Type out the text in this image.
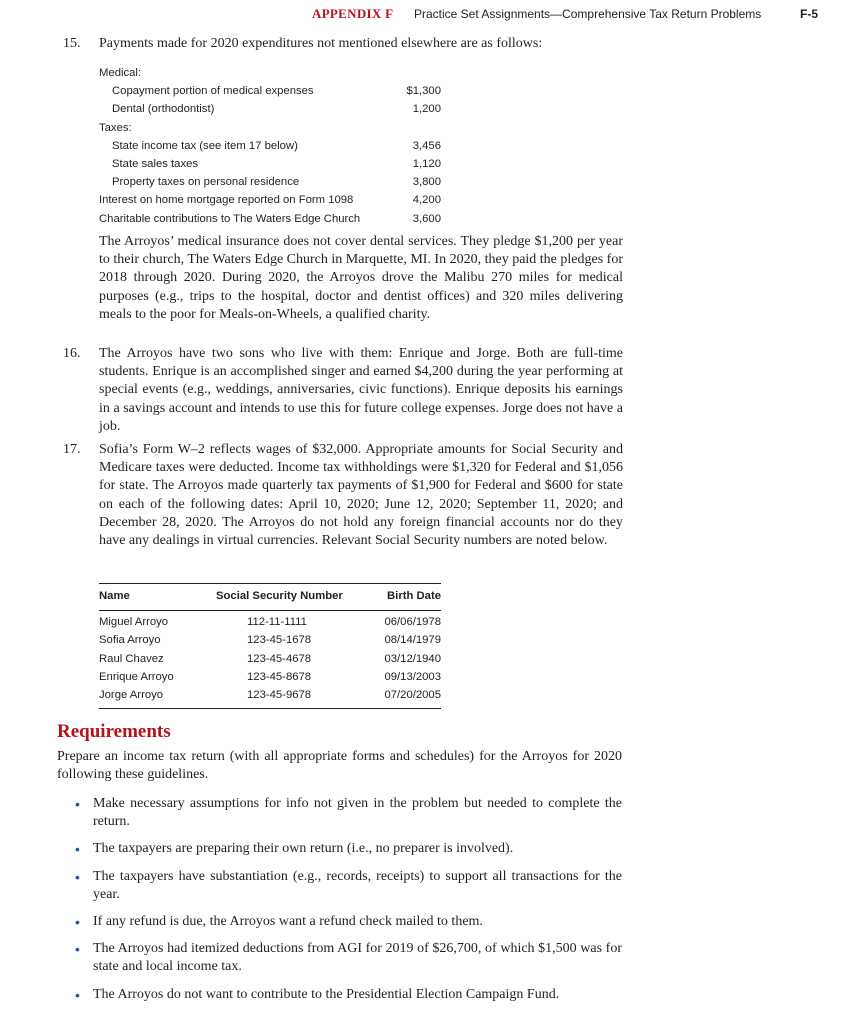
APPENDIX F Practice Set Assignments—Comprehensive Tax Return Problems	F-5
15. Payments made for 2020 expenditures not mentioned elsewhere are as follows:
Medical:
Copayment portion of medical expenses	$1,300
Dental (orthodontist)	1,200
Taxes:
State income tax (see item 17 below)	3,456
State sales taxes	1,120
Property taxes on personal residence	3,800
Interest on home mortgage reported on Form 1098	4,200
Charitable contributions to The Waters Edge Church	3,600
The Arroyos’ medical insurance does not cover dental services. They pledge $1,200 per year to their church, The Waters Edge Church in Marquette, MI. In 2020, they paid the pledges for 2018 through 2020. During 2020, the Arroyos drove the Malibu 270 miles for medical purposes (e.g., trips to the hospital, doctor and dentist offices) and 320 miles delivering meals to the poor for Meals-on-Wheels, a qualified charity.
16. The Arroyos have two sons who live with them: Enrique and Jorge. Both are full-time students. Enrique is an accomplished singer and earned $4,200 during the year performing at special events (e.g., weddings, anniversaries, civic functions). Enrique deposits his earnings in a savings account and intends to use this for future college expenses. Jorge does not have a job.
17. Sofia’s Form W–2 reflects wages of $32,000. Appropriate amounts for Social Security and Medicare taxes were deducted. Income tax withholdings were $1,320 for Federal and $1,056 for state. The Arroyos made quarterly tax payments of $1,900 for Federal and $600 for state on each of the following dates: April 10, 2020; June 12, 2020; September 11, 2020; and December 28, 2020. The Arroyos do not hold any foreign financial accounts nor do they have any dealings in virtual currencies. Relevant Social Security numbers are noted below.
Name	Social Security Number	Birth Date
Miguel Arroyo	112-11-1111	06/06/1978
Sofia Arroyo	123-45-1678	08/14/1979
Raul Chavez	123-45-4678	03/12/1940
Enrique Arroyo	123-45-8678	09/13/2003
Jorge Arroyo	123-45-9678	07/20/2005
Requirements
Prepare an income tax return (with all appropriate forms and schedules) for the Arroyos for 2020 following these guidelines.
• Make necessary assumptions for info not given in the problem but needed to complete the return.
• The taxpayers are preparing their own return (i.e., no preparer is involved).
• The taxpayers have substantiation (e.g., records, receipts) to support all transactions for the year.
• If any refund is due, the Arroyos want a refund check mailed to them.
• The Arroyos had itemized deductions from AGI for 2019 of $26,700, of which $1,500 was for state and local income tax.
• The Arroyos do not want to contribute to the Presidential Election Campaign Fund.
